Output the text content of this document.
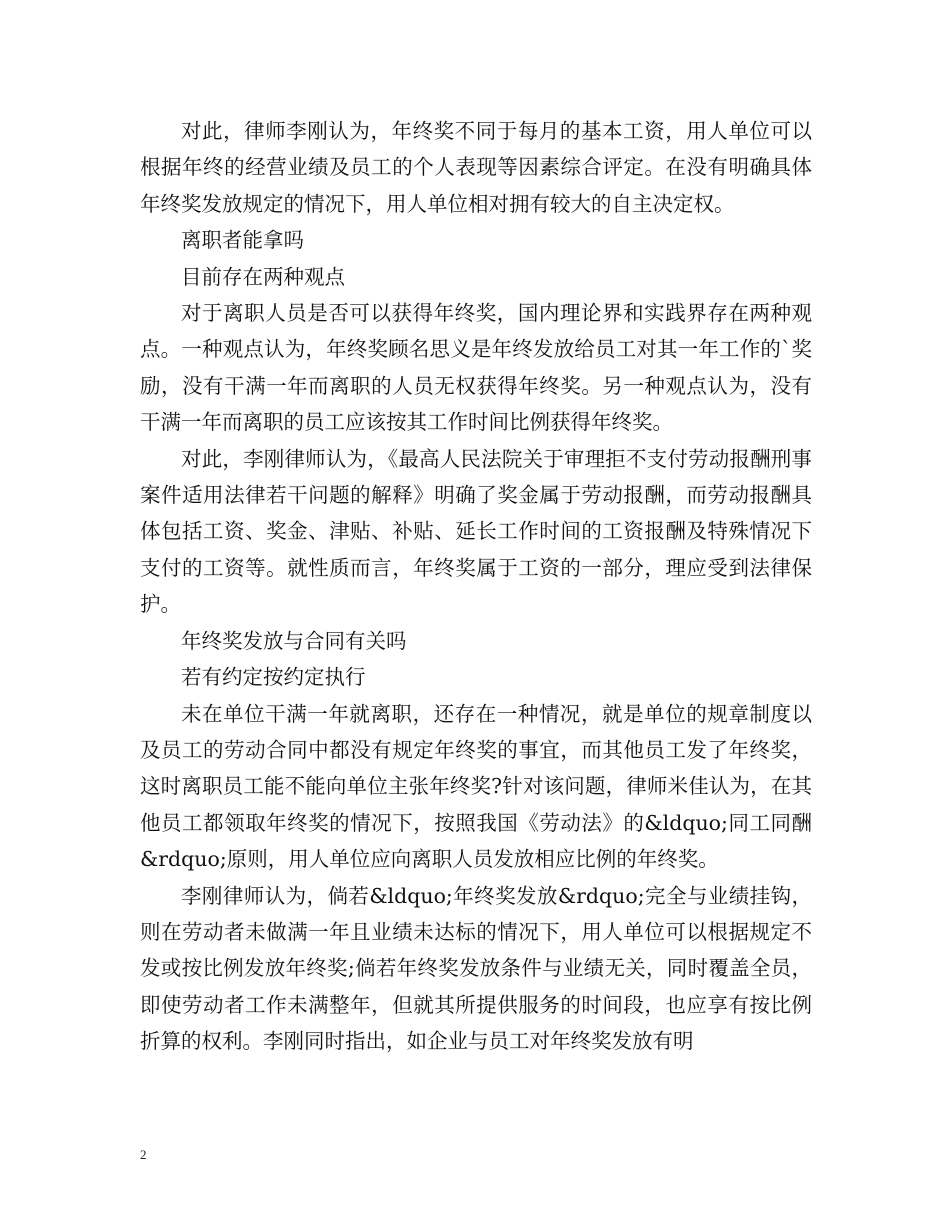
对此，律师李刚认为，年终奖不同于每月的基本工资，用人单位可以根据年终的经营业绩及员工的个人表现等因素综合评定。在没有明确具体年终奖发放规定的情况下，用人单位相对拥有较大的自主决定权。

离职者能拿吗

目前存在两种观点

对于离职人员是否可以获得年终奖，国内理论界和实践界存在两种观点。一种观点认为，年终奖顾名思义是年终发放给员工对其一年工作的`奖励，没有干满一年而离职的人员无权获得年终奖。另一种观点认为，没有干满一年而离职的员工应该按其工作时间比例获得年终奖。

对此，李刚律师认为，《最高人民法院关于审理拒不支付劳动报酬刑事案件适用法律若干问题的解释》明确了奖金属于劳动报酬，而劳动报酬具体包括工资、奖金、津贴、补贴、延长工作时间的工资报酬及特殊情况下支付的工资等。就性质而言，年终奖属于工资的一部分，理应受到法律保护。

年终奖发放与合同有关吗

若有约定按约定执行

未在单位干满一年就离职，还存在一种情况，就是单位的规章制度以及员工的劳动合同中都没有规定年终奖的事宜，而其他员工发了年终奖，这时离职员工能不能向单位主张年终奖?针对该问题，律师米佳认为，在其他员工都领取年终奖的情况下，按照我国《劳动法》的&ldquo;同工同酬&rdquo;原则，用人单位应向离职人员发放相应比例的年终奖。

李刚律师认为，倘若&ldquo;年终奖发放&rdquo;完全与业绩挂钩，则在劳动者未做满一年且业绩未达标的情况下，用人单位可以根据规定不发或按比例发放年终奖;倘若年终奖发放条件与业绩无关，同时覆盖全员，即使劳动者工作未满整年，但就其所提供服务的时间段，也应享有按比例折算的权利。李刚同时指出，如企业与员工对年终奖发放有明

2
